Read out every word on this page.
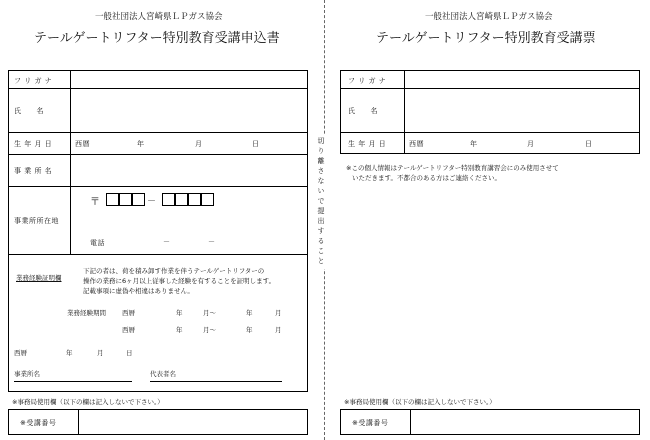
一般社団法人宮崎県ＬＰガス協会
テールゲートリフター特別教育受講申込書
フ リ ガ ナ
氏　　名
生 年 月 日	西暦	年	月	日
事 業 所 名
事業所所在地
〒	－
電話	－	－
業務経験証明欄
下記の者は、荷を積み卸す作業を伴うテールゲートリフターの
操作の業務に6ヶ月以上従事した経験を有することを証明します。
記載事項に虚偽や相違はありません。
業務経験期間 西暦	年	月～	年	月
西暦	年	月～	年	月
西暦	年	月	日
事業所名	代表者名
※事務局使用欄（以下の欄は記入しないで下さい。）
※受講番号
切り離さないで提出すること
一般社団法人宮崎県ＬＰガス協会
テールゲートリフター特別教育受講票
フ リ ガ ナ
氏　　名
生 年 月 日	西暦	年	月	日
※この個人情報はテールゲートリフター特別教育講習会にのみ使用させて
いただきます。不都合のある方はご連絡ください。
※事務局使用欄（以下の欄は記入しないで下さい。）
※受講番号
